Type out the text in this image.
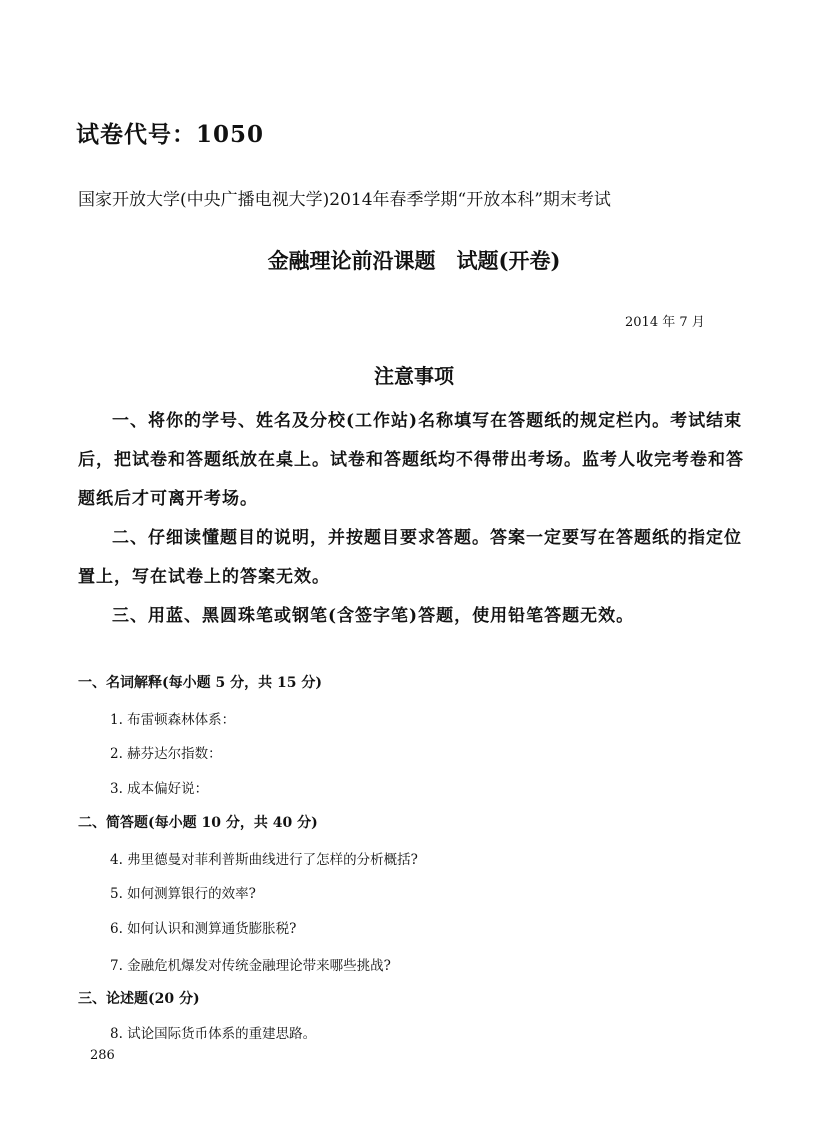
试卷代号：1050
国家开放大学(中央广播电视大学)2014年春季学期“开放本科”期末考试
金融理论前沿课题　试题(开卷)
2014 年 7 月
注意事项
一、将你的学号、姓名及分校(工作站)名称填写在答题纸的规定栏内。考试结束后，把试卷和答题纸放在桌上。试卷和答题纸均不得带出考场。监考人收完考卷和答题纸后才可离开考场。
二、仔细读懂题目的说明，并按题目要求答题。答案一定要写在答题纸的指定位置上，写在试卷上的答案无效。
三、用蓝、黑圆珠笔或钢笔(含签字笔)答题，使用铅笔答题无效。
一、名词解释(每小题 5 分，共 15 分)
1. 布雷顿森林体系：
2. 赫芬达尔指数：
3. 成本偏好说：
二、简答题(每小题 10 分，共 40 分)
4. 弗里德曼对菲利普斯曲线进行了怎样的分析概括?
5. 如何测算银行的效率?
6. 如何认识和测算通货膨胀税?
7. 金融危机爆发对传统金融理论带来哪些挑战?
三、论述题(20 分)
8. 试论国际货币体系的重建思路。
286
